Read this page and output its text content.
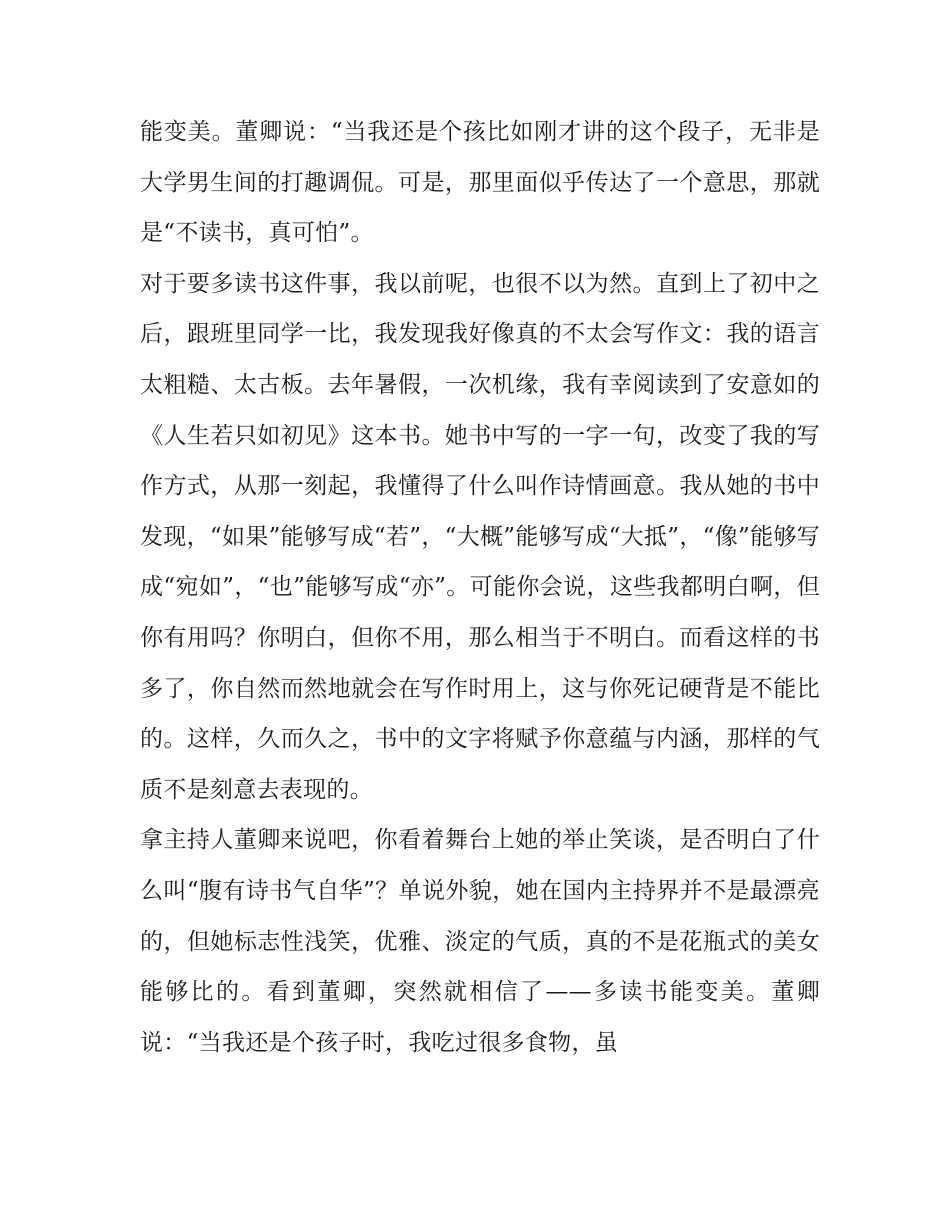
能变美。董卿说：“当我还是个孩比如刚才讲的这个段子，无非是大学男生间的打趣调侃。可是，那里面似乎传达了一个意思，那就是“不读书，真可怕”。

对于要多读书这件事，我以前呢，也很不以为然。直到上了初中之后，跟班里同学一比，我发现我好像真的不太会写作文：我的语言太粗糙、太古板。去年暑假，一次机缘，我有幸阅读到了安意如的《人生若只如初见》这本书。她书中写的一字一句，改变了我的写作方式，从那一刻起，我懂得了什么叫作诗情画意。我从她的书中发现，“如果”能够写成“若”，“大概”能够写成“大抵”，“像”能够写成“宛如”，“也”能够写成“亦”。可能你会说，这些我都明白啊，但你有用吗？你明白，但你不用，那么相当于不明白。而看这样的书多了，你自然而然地就会在写作时用上，这与你死记硬背是不能比的。这样，久而久之，书中的文字将赋予你意蕴与内涵，那样的气质不是刻意去表现的。

拿主持人董卿来说吧，你看着舞台上她的举止笑谈，是否明白了什么叫“腹有诗书气自华”？单说外貌，她在国内主持界并不是最漂亮的，但她标志性浅笑，优雅、淡定的气质，真的不是花瓶式的美女能够比的。看到董卿，突然就相信了——多读书能变美。董卿说：“当我还是个孩子时，我吃过很多食物，虽
